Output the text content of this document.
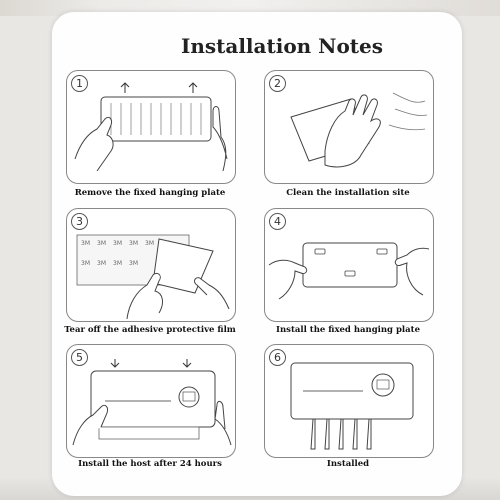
Installation Notes
1

Remove the fixed hanging plate

2

Clean the installation site

3
3M 3M 3M 3M 3M
3M 3M 3M 3M

Tear off the adhesive protective film

4

Install the fixed hanging plate

5

Install the host after 24 hours

6

Installed
